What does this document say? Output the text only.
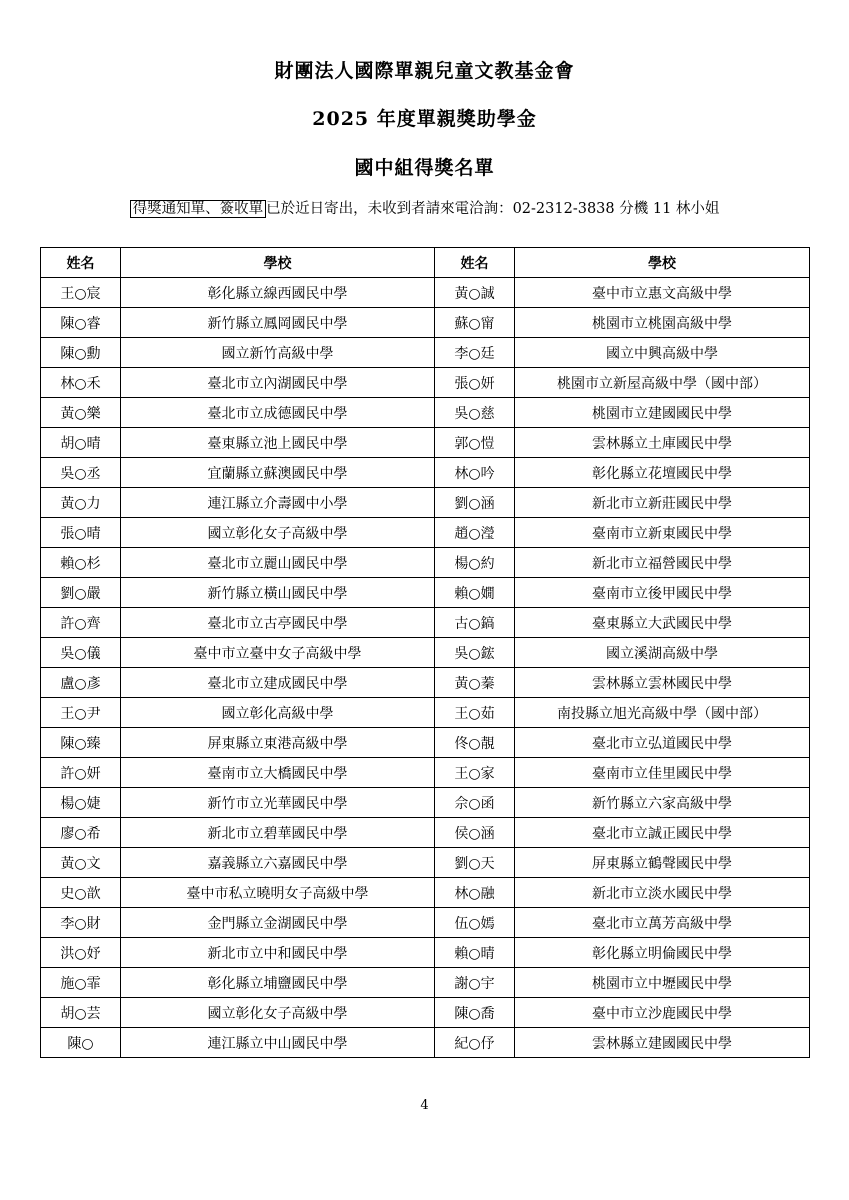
財團法人國際單親兒童文教基金會
2025 年度單親獎助學金
國中組得獎名單
得獎通知單、簽收單 已於近日寄出，未收到者請來電洽詢：02-2312-3838 分機 11 林小姐
姓名	學校	姓名	學校
王○宸	彰化縣立線西國民中學	黃○誠	臺中市立惠文高級中學
陳○睿	新竹縣立鳳岡國民中學	蘇○甯	桃園市立桃園高級中學
陳○勳	國立新竹高級中學	李○廷	國立中興高級中學
林○禾	臺北市立內湖國民中學	張○妍	桃園市立新屋高級中學（國中部）
黃○樂	臺北市立成德國民中學	吳○慈	桃園市立建國國民中學
胡○晴	臺東縣立池上國民中學	郭○愷	雲林縣立土庫國民中學
吳○丞	宜蘭縣立蘇澳國民中學	林○吟	彰化縣立花壇國民中學
黃○力	連江縣立介壽國中小學	劉○涵	新北市立新莊國民中學
張○晴	國立彰化女子高級中學	趙○瀅	臺南市立新東國民中學
賴○杉	臺北市立麗山國民中學	楊○約	新北市立福營國民中學
劉○嚴	新竹縣立橫山國民中學	賴○嫺	臺南市立後甲國民中學
許○齊	臺北市立古亭國民中學	古○鎬	臺東縣立大武國民中學
吳○儀	臺中市立臺中女子高級中學	吳○鋐	國立溪湖高級中學
盧○彥	臺北市立建成國民中學	黃○蓁	雲林縣立雲林國民中學
王○尹	國立彰化高級中學	王○茹	南投縣立旭光高級中學（國中部）
陳○臻	屏東縣立東港高級中學	佟○靚	臺北市立弘道國民中學
許○妍	臺南市立大橋國民中學	王○家	臺南市立佳里國民中學
楊○婕	新竹市立光華國民中學	佘○函	新竹縣立六家高級中學
廖○希	新北市立碧華國民中學	侯○涵	臺北市立誠正國民中學
黃○文	嘉義縣立六嘉國民中學	劉○天	屏東縣立鶴聲國民中學
史○歆	臺中市私立曉明女子高級中學	林○融	新北市立淡水國民中學
李○財	金門縣立金湖國民中學	伍○嫣	臺北市立萬芳高級中學
洪○妤	新北市立中和國民中學	賴○晴	彰化縣立明倫國民中學
施○霏	彰化縣立埔鹽國民中學	謝○宇	桃園市立中壢國民中學
胡○芸	國立彰化女子高級中學	陳○喬	臺中市立沙鹿國民中學
陳○	連江縣立中山國民中學	紀○伃	雲林縣立建國國民中學
4
